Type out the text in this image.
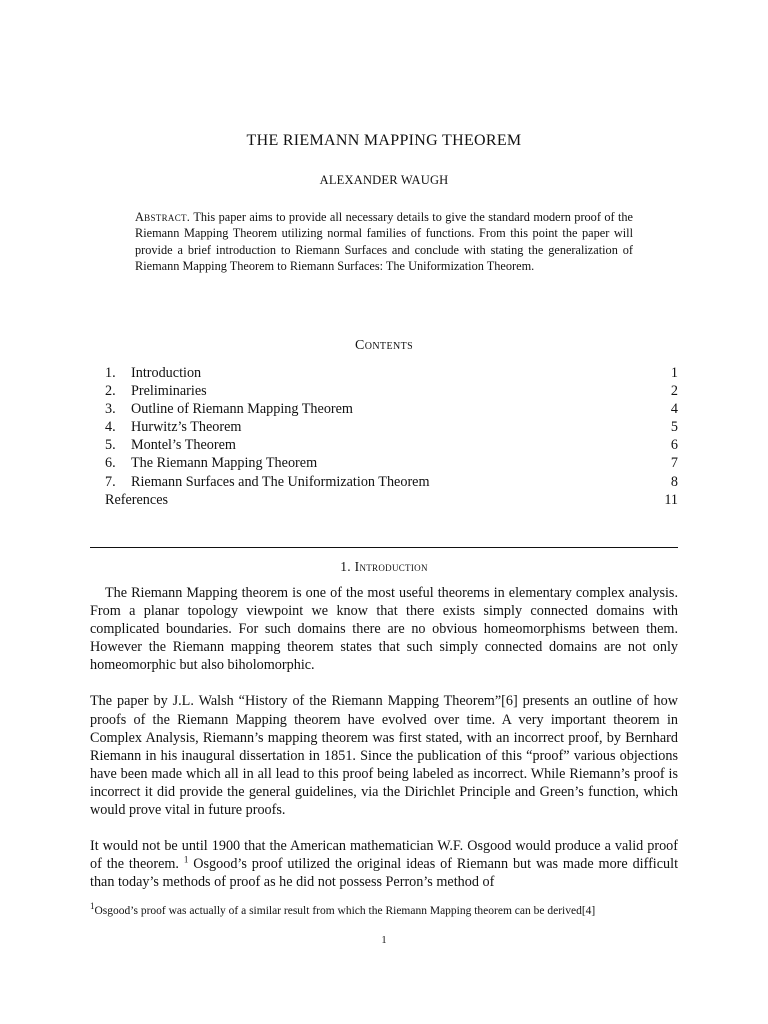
THE RIEMANN MAPPING THEOREM
ALEXANDER WAUGH
Abstract. This paper aims to provide all necessary details to give the standard modern proof of the Riemann Mapping Theorem utilizing normal families of functions. From this point the paper will provide a brief introduction to Riemann Surfaces and conclude with stating the generalization of Riemann Mapping Theorem to Riemann Surfaces: The Uniformization Theorem.
Contents
1. Introduction	1
2. Preliminaries	2
3. Outline of Riemann Mapping Theorem	4
4. Hurwitz’s Theorem	5
5. Montel’s Theorem	6
6. The Riemann Mapping Theorem	7
7. Riemann Surfaces and The Uniformization Theorem	8
References	11
1. Introduction

The Riemann Mapping theorem is one of the most useful theorems in elementary complex analysis. From a planar topology viewpoint we know that there exists simply connected domains with complicated boundaries. For such domains there are no obvious homeomorphisms between them. However the Riemann mapping theorem states that such simply connected domains are not only homeomorphic but also biholomorphic.

The paper by J.L. Walsh “History of the Riemann Mapping Theorem”[6] presents an outline of how proofs of the Riemann Mapping theorem have evolved over time. A very important theorem in Complex Analysis, Riemann’s mapping theorem was first stated, with an incorrect proof, by Bernhard Riemann in his inaugural dissertation in 1851. Since the publication of this “proof” various objections have been made which all in all lead to this proof being labeled as incorrect. While Riemann’s proof is incorrect it did provide the general guidelines, via the Dirichlet Principle and Green’s function, which would prove vital in future proofs.

It would not be until 1900 that the American mathematician W.F. Osgood would produce a valid proof of the theorem. $^1$ Osgood’s proof utilized the original ideas of Riemann but was made more difficult than today’s methods of proof as he did not possess Perron’s method of

$^1$Osgood’s proof was actually of a similar result from which the Riemann Mapping theorem can be derived[4]
1
